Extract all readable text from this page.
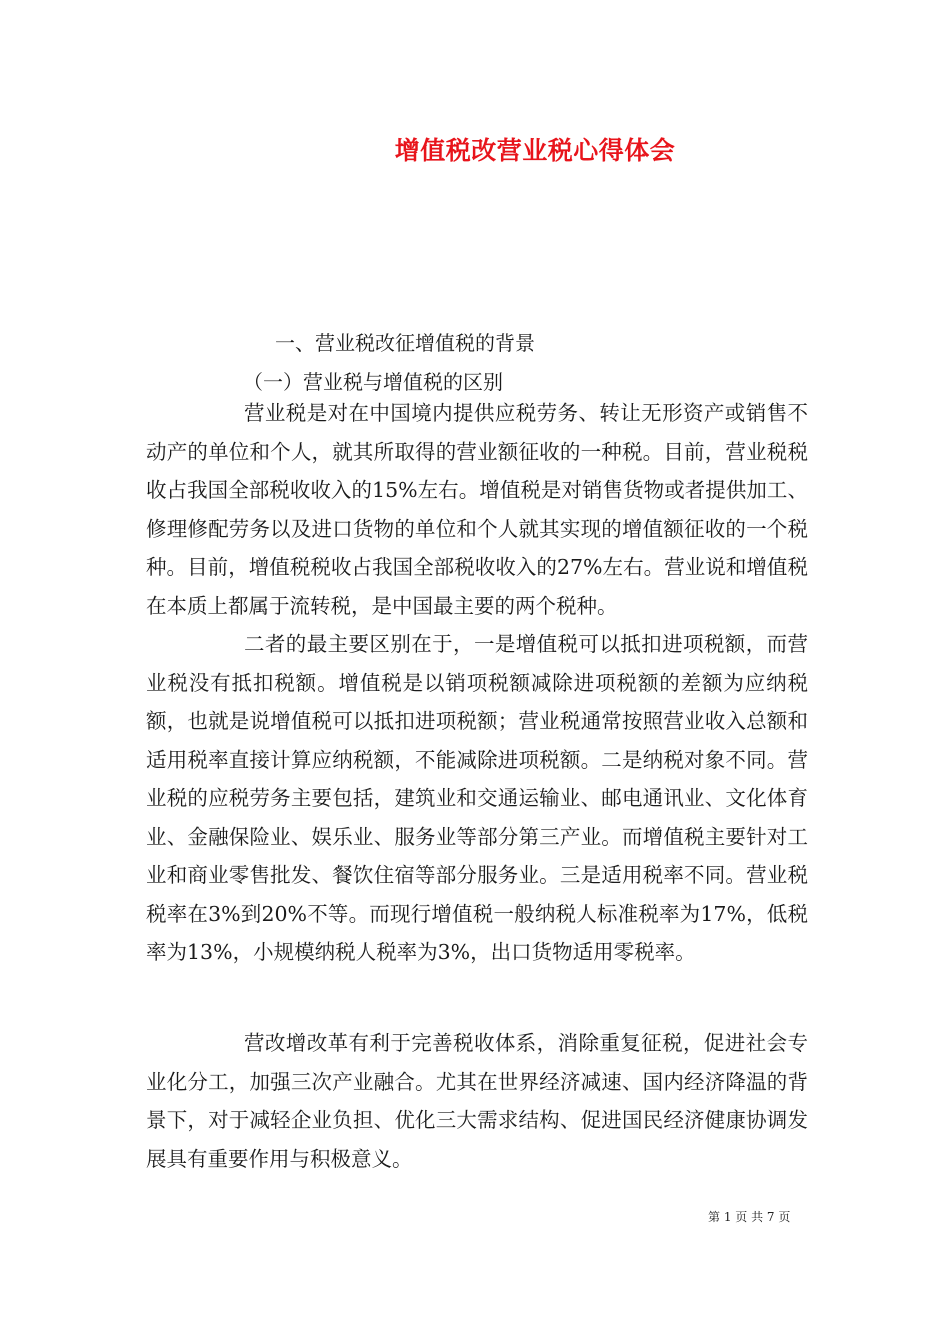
增值税改营业税心得体会
一、营业税改征增值税的背景
（一）营业税与增值税的区别

营业税是对在中国境内提供应税劳务、转让无形资产或销售不动产的单位和个人，就其所取得的营业额征收的一种税。目前，营业税税收占我国全部税收收入的15%左右。增值税是对销售货物或者提供加工、修理修配劳务以及进口货物的单位和个人就其实现的增值额征收的一个税种。目前，增值税税收占我国全部税收收入的27%左右。营业说和增值税在本质上都属于流转税，是中国最主要的两个税种。

二者的最主要区别在于，一是增值税可以抵扣进项税额，而营业税没有抵扣税额。增值税是以销项税额减除进项税额的差额为应纳税额，也就是说增值税可以抵扣进项税额；营业税通常按照营业收入总额和适用税率直接计算应纳税额，不能减除进项税额。二是纳税对象不同。营业税的应税劳务主要包括，建筑业和交通运输业、邮电通讯业、文化体育业、金融保险业、娱乐业、服务业等部分第三产业。而增值税主要针对工业和商业零售批发、餐饮住宿等部分服务业。三是适用税率不同。营业税税率在3%到20%不等。而现行增值税一般纳税人标准税率为17%，低税率为13%，小规模纳税人税率为3%，出口货物适用零税率。

营改增改革有利于完善税收体系，消除重复征税，促进社会专业化分工，加强三次产业融合。尤其在世界经济减速、国内经济降温的背景下，对于减轻企业负担、优化三大需求结构、促进国民经济健康协调发展具有重要作用与积极意义。

第 1 页 共 7 页
